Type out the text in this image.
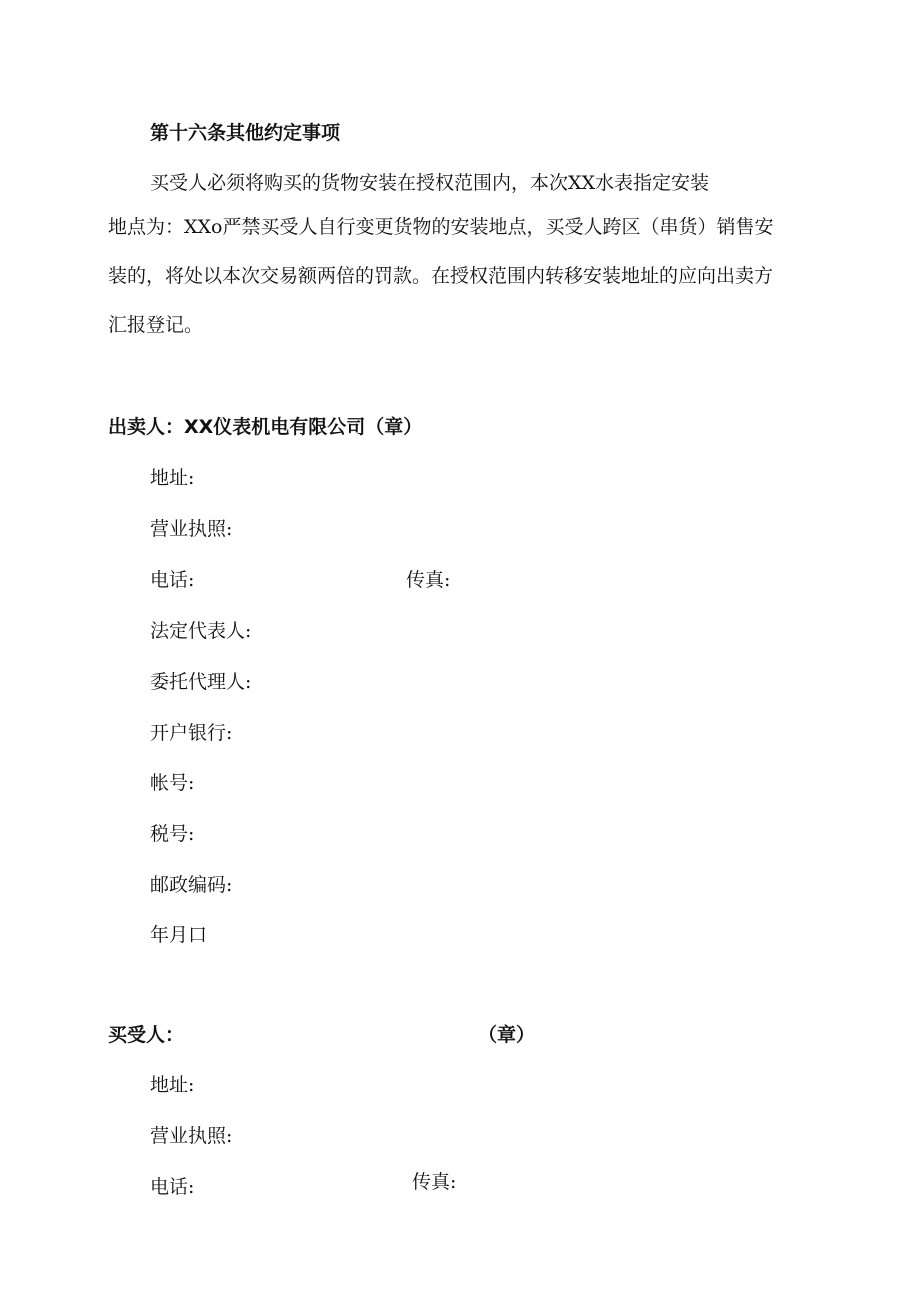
第十六条其他约定事项
买受人必须将购买的货物安装在授权范围内，本次XX水表指定安装
地点为：XXo严禁买受人自行变更货物的安装地点，买受人跨区（串货）销售安
装的，将处以本次交易额两倍的罚款。在授权范围内转移安装地址的应向出卖方
汇报登记。
出卖人：XX仪表机电有限公司（章）
地址:
营业执照:
电话:	传真:
法定代表人:
委托代理人:
开户银行:
帐号:
税号:
邮政编码:
年月口
买受人：	（章）
地址:
营业执照:
电话:	传真:
